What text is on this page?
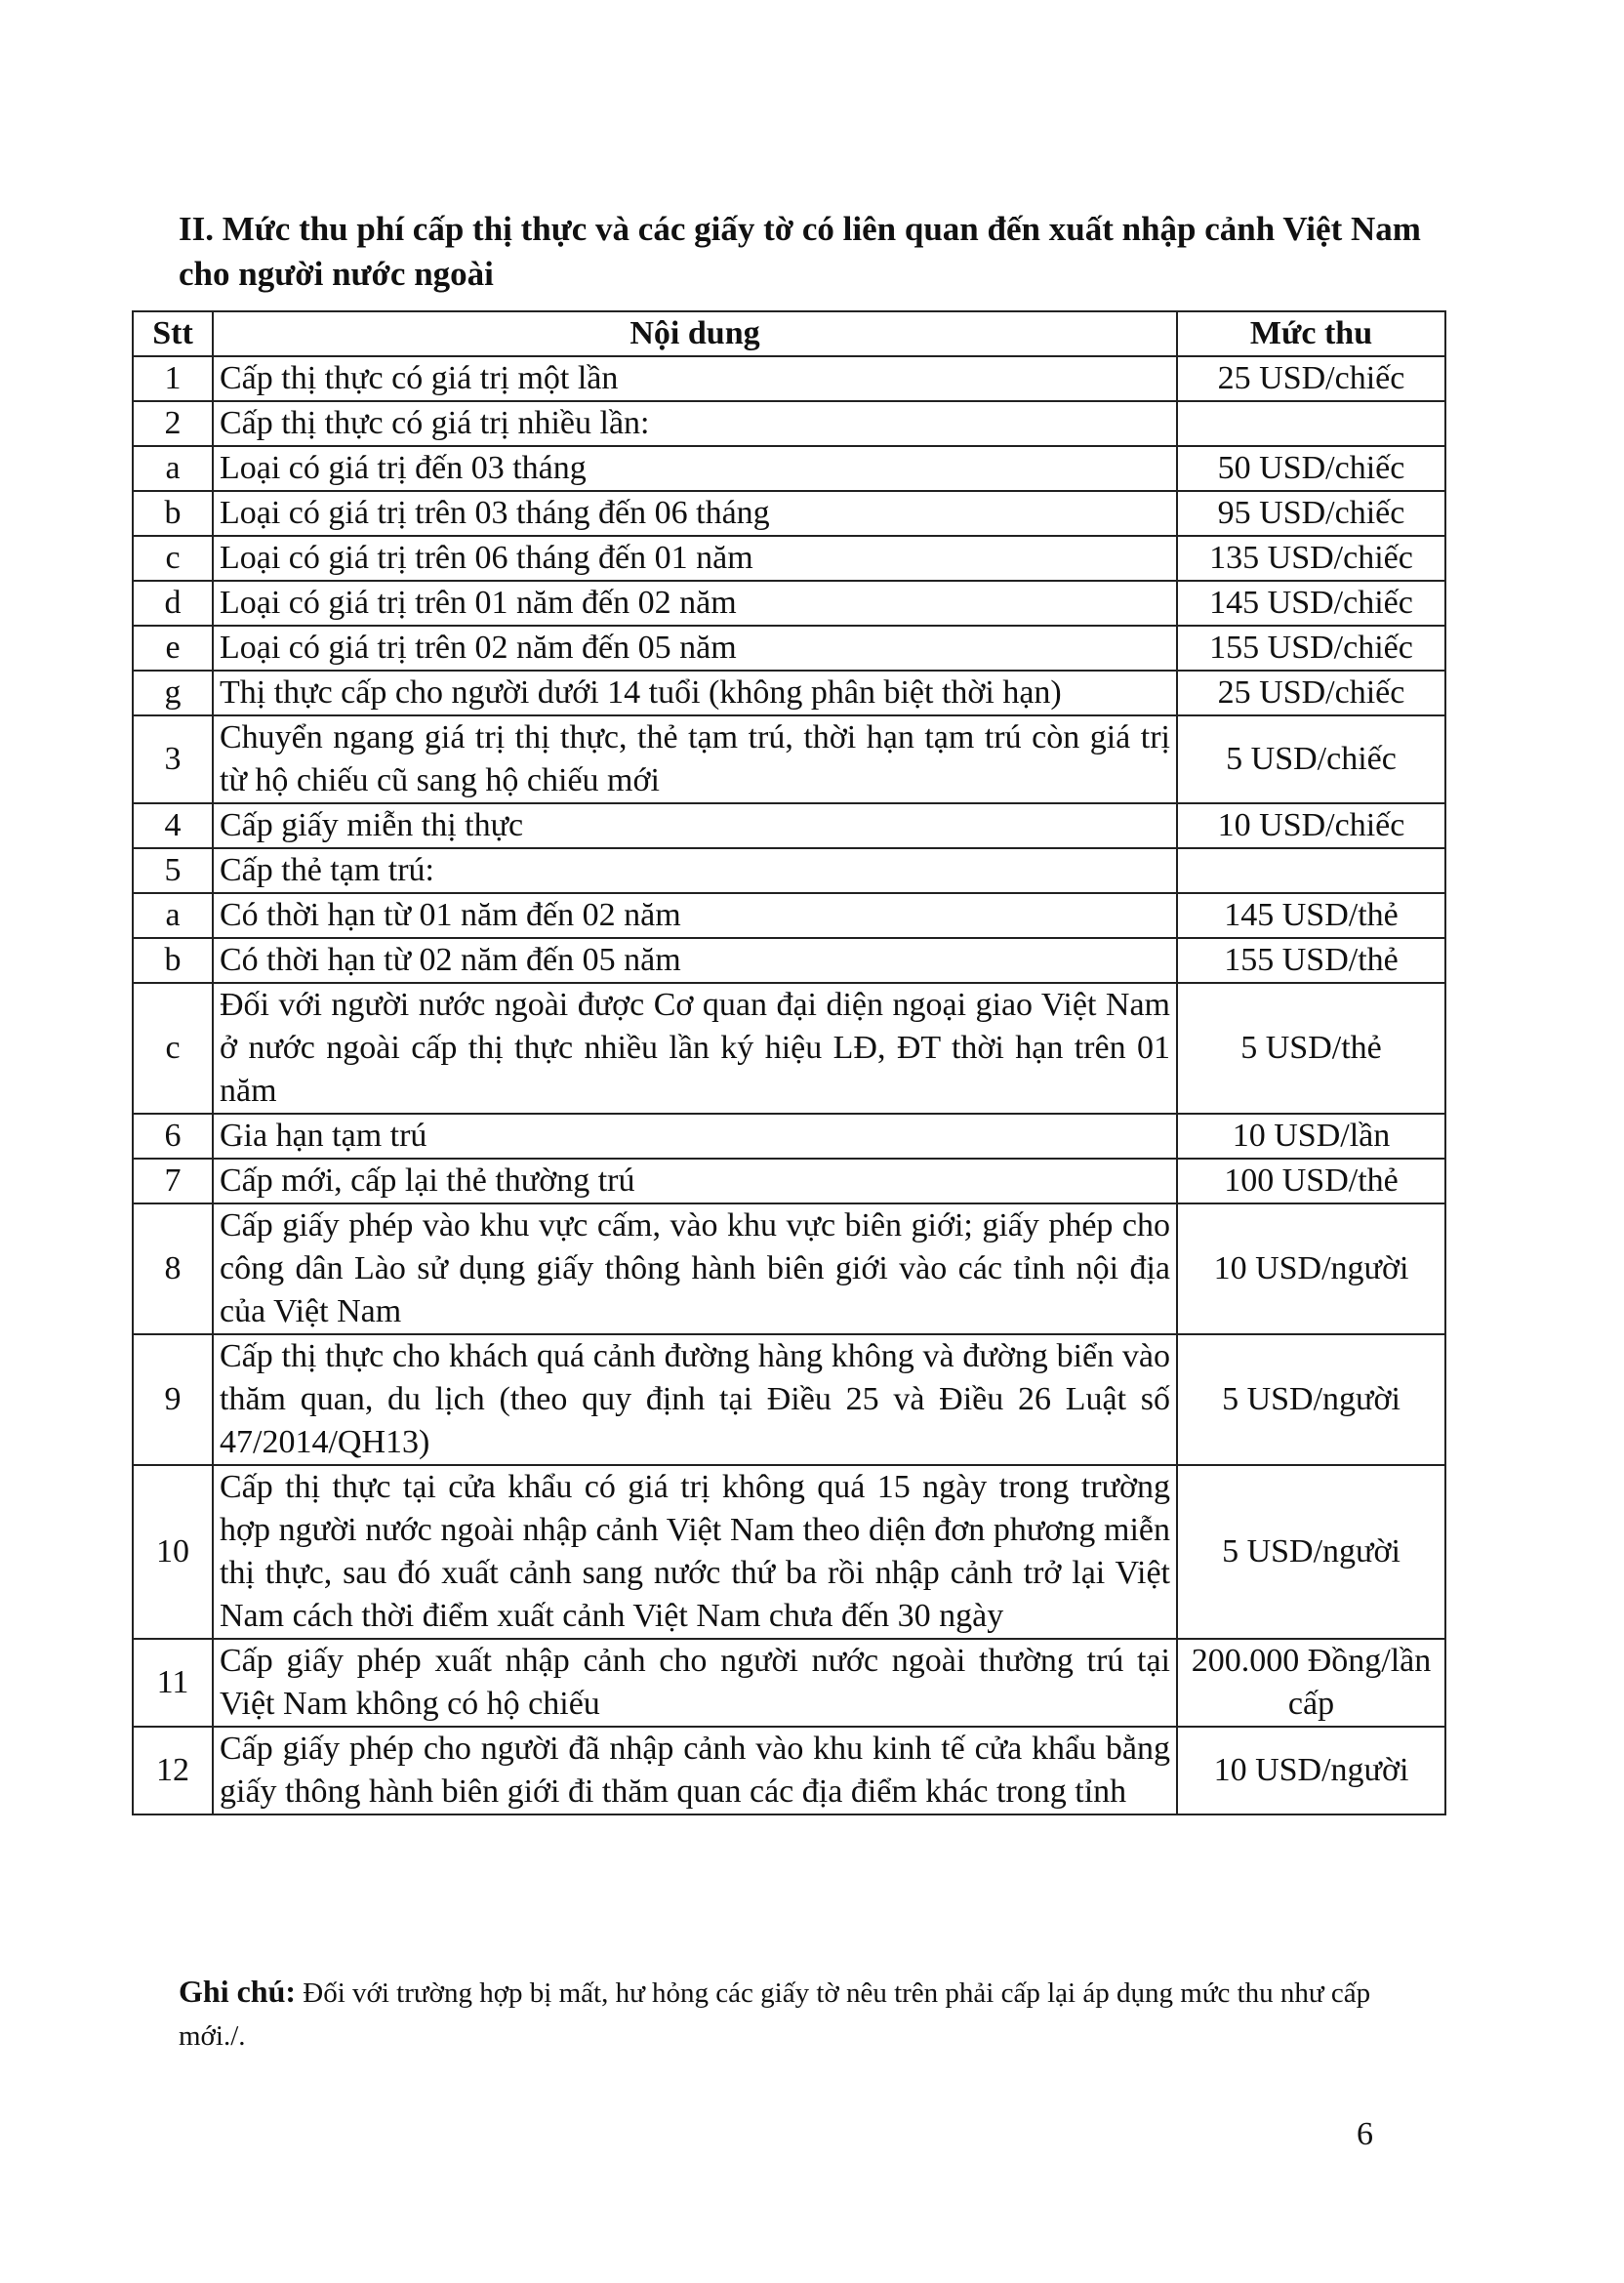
II. Mức thu phí cấp thị thực và các giấy tờ có liên quan đến xuất nhập cảnh Việt Nam cho người nước ngoài
Stt	Nội dung	Mức thu
1	Cấp thị thực có giá trị một lần	25 USD/chiếc
2	Cấp thị thực có giá trị nhiều lần:	
a	Loại có giá trị đến 03 tháng	50 USD/chiếc
b	Loại có giá trị trên 03 tháng đến 06 tháng	95 USD/chiếc
c	Loại có giá trị trên 06 tháng đến 01 năm	135 USD/chiếc
d	Loại có giá trị trên 01 năm đến 02 năm	145 USD/chiếc
e	Loại có giá trị trên 02 năm đến 05 năm	155 USD/chiếc
g	Thị thực cấp cho người dưới 14 tuổi (không phân biệt thời hạn)	25 USD/chiếc
3	Chuyển ngang giá trị thị thực, thẻ tạm trú, thời hạn tạm trú còn giá trị từ hộ chiếu cũ sang hộ chiếu mới	5 USD/chiếc
4	Cấp giấy miễn thị thực	10 USD/chiếc
5	Cấp thẻ tạm trú:	
a	Có thời hạn từ 01 năm đến 02 năm	145 USD/thẻ
b	Có thời hạn từ 02 năm đến 05 năm	155 USD/thẻ
c	Đối với người nước ngoài được Cơ quan đại diện ngoại giao Việt Nam ở nước ngoài cấp thị thực nhiều lần ký hiệu LĐ, ĐT thời hạn trên 01 năm	5 USD/thẻ
6	Gia hạn tạm trú	10 USD/lần
7	Cấp mới, cấp lại thẻ thường trú	100 USD/thẻ
8	Cấp giấy phép vào khu vực cấm, vào khu vực biên giới; giấy phép cho công dân Lào sử dụng giấy thông hành biên giới vào các tỉnh nội địa của Việt Nam	10 USD/người
9	Cấp thị thực cho khách quá cảnh đường hàng không và đường biển vào thăm quan, du lịch (theo quy định tại Điều 25 và Điều 26 Luật số 47/2014/QH13)	5 USD/người
10	Cấp thị thực tại cửa khẩu có giá trị không quá 15 ngày trong trường hợp người nước ngoài nhập cảnh Việt Nam theo diện đơn phương miễn thị thực, sau đó xuất cảnh sang nước thứ ba rồi nhập cảnh trở lại Việt Nam cách thời điểm xuất cảnh Việt Nam chưa đến 30 ngày	5 USD/người
11	Cấp giấy phép xuất nhập cảnh cho người nước ngoài thường trú tại Việt Nam không có hộ chiếu	200.000 Đồng/lần cấp
12	Cấp giấy phép cho người đã nhập cảnh vào khu kinh tế cửa khẩu bằng giấy thông hành biên giới đi thăm quan các địa điểm khác trong tỉnh	10 USD/người
Ghi chú: Đối với trường hợp bị mất, hư hỏng các giấy tờ nêu trên phải cấp lại áp dụng mức thu như cấp mới./.
6
